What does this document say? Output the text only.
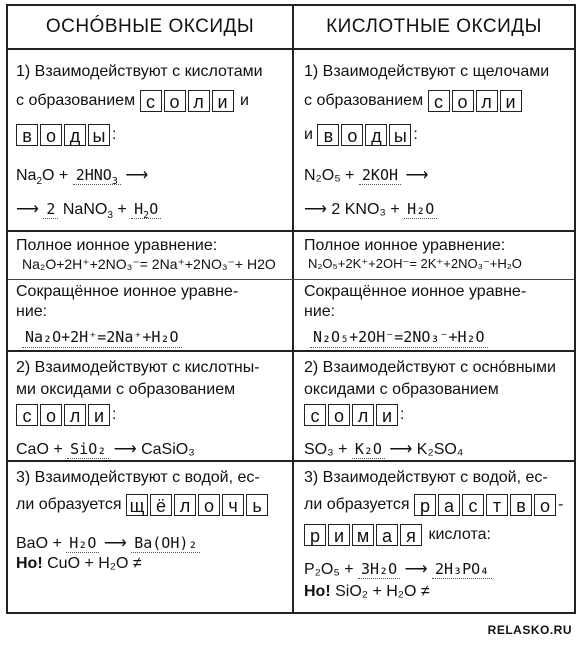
ОСНÓВНЫЕ ОКСИДЫ	КИСЛОТНЫЕ ОКСИДЫ
1) Взаимодействуют с кислотами
с образованием с о л и и
в о д ы :
$Na_2O + 2HNO_3$ ⟶
⟶ 2 NaNO$_3$ + $H_2O$
Полное ионное уравнение:
Na₂O+2H⁺+2NO₃⁻= 2Na⁺+2NO₃⁻+ H2O
Сокращённое ионное уравне-
ние:
Na₂O+2H⁺=2Na⁺+H₂O
2) Взаимодействуют с кислотны-
ми оксидами с образованием
с о л и :
CaO + SiO₂ ⟶ CaSiO₃
3) Взаимодействуют с водой, ес-
ли образуется щ ё л о ч ь
BaO + H₂O ⟶ Ba(OH)₂
Но! CuO + H₂O ≠
1) Взаимодействуют с щелочами
с образованием с о л и
и в о д ы :
N₂O₅ + 2KOH ⟶
⟶ 2 KNO₃ + H₂O
Полное ионное уравнение:
N₂O₅+2K⁺+2OH⁻= 2K⁺+2NO₃⁻+H₂O
Сокращённое ионное уравне-
ние:
N₂O₅+2OH⁻=2NO₃⁻+H₂O
2) Взаимодействуют с оснóвными
оксидами с образованием
с о л и :
SO₃ + K₂O ⟶ K₂SO₄
3) Взаимодействуют с водой, ес-
ли образуется р а с т в о -
р и м а я кислота:
P₂O₅ + 3H₂O ⟶ 2H₃PO₄
Но! SiO₂ + H₂O ≠
RELASKO.RU
